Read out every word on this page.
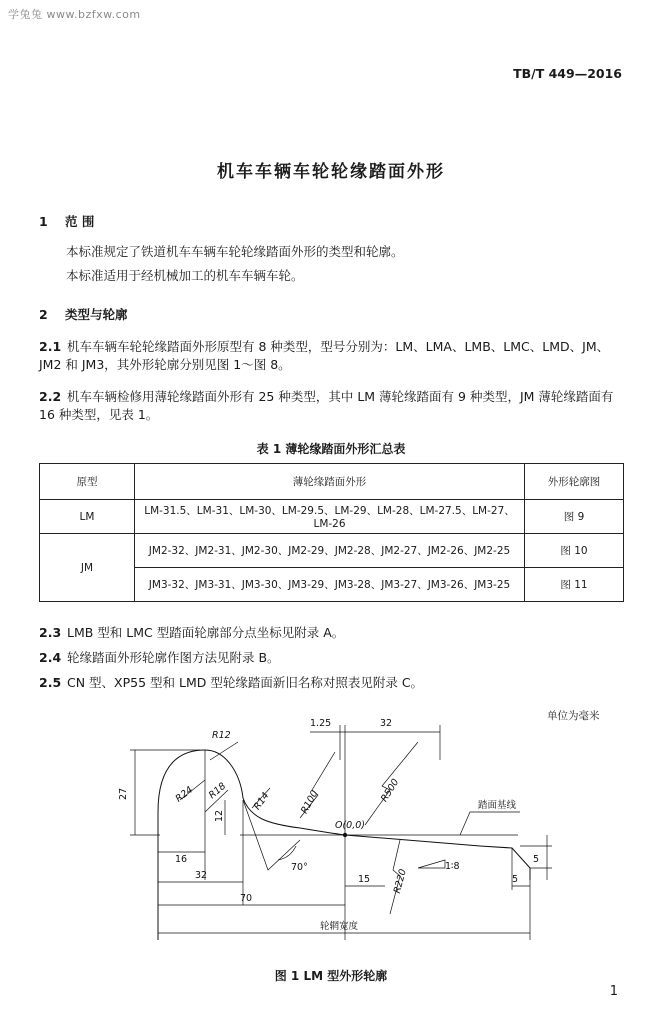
学兔兔 www.bzfxw.com
TB/T 449—2016
机车车辆车轮轮缘踏面外形
1 范 围
本标准规定了铁道机车车辆车轮轮缘踏面外形的类型和轮廓。
本标准适用于经机械加工的机车车辆车轮。
2 类型与轮廓
2.1 机车车辆车轮轮缘踏面外形原型有 8 种类型，型号分别为：LM、LMA、LMB、LMC、LMD、JM、JM2 和 JM3，其外形轮廓分别见图 1～图 8。
2.2 机车车辆检修用薄轮缘踏面外形有 25 种类型，其中 LM 薄轮缘踏面有 9 种类型，JM 薄轮缘踏面有 16 种类型，见表 1。
表 1 薄轮缘踏面外形汇总表
原型	薄轮缘踏面外形	外形轮廓图
LM	LM-31.5、LM-31、LM-30、LM-29.5、LM-29、LM-28、LM-27.5、LM-27、LM-26	图 9
JM	JM2-32、JM2-31、JM2-30、JM2-29、JM2-28、JM2-27、JM2-26、JM2-25	图 10
	JM3-32、JM3-31、JM3-30、JM3-29、JM3-28、JM3-27、JM3-26、JM3-25	图 11
2.3 LMB 型和 LMC 型踏面轮廓部分点坐标见附录 A。
2.4 轮缘踏面外形轮廓作图方法见附录 B。
2.5 CN 型、XP55 型和 LMD 型轮缘踏面新旧名称对照表见附录 C。
单位为毫米
R12
R24 R18 R14	R100	R500
R220
27
12
16
32
70
1.25	32
15
5
5
70°
O(0,0)
1∶8
踏面基线
轮辋宽度
图 1 LM 型外形轮廓
1
